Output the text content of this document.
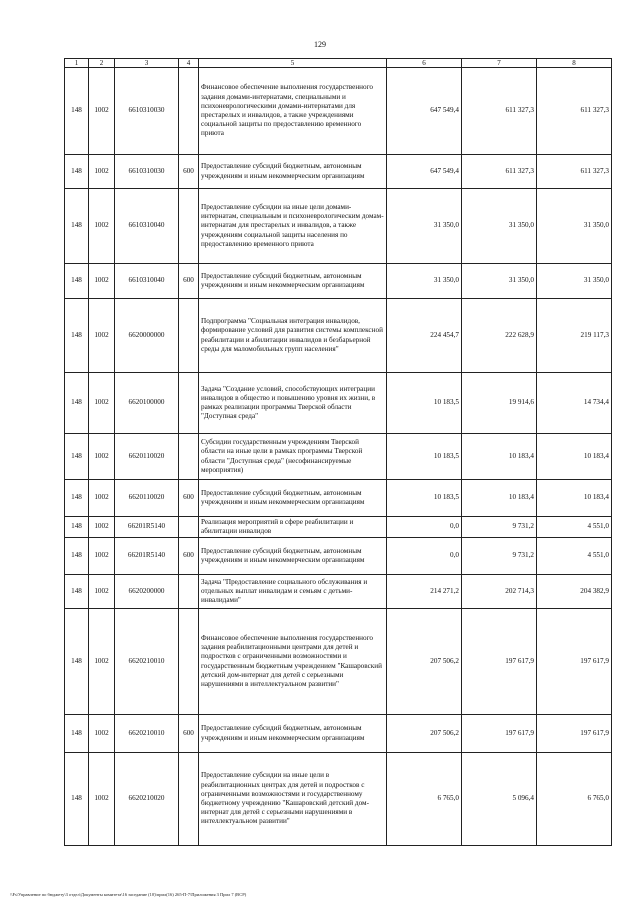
129
1	2	3	4	5	6	7	8
148	1002	6610310030		Финансовое обеспечение выполнения государственного задания домами-интернатами, специальными и психоневрологическими домами-интернатами для престарелых и инвалидов, а также учреждениями социальной защиты по предоставлению временного приюта	647 549,4	611 327,3	611 327,3
148	1002	6610310030	600	Предоставление субсидий бюджетным, автономным учреждениям и иным некоммерческим организациям	647 549,4	611 327,3	611 327,3
148	1002	6610310040		Предоставление субсидии на иные цели домами-интернатам, специальным и психоневрологическим домам-интернатам для престарелых и инвалидов, а также учреждениям социальной защиты населения по предоставлению временного приюта	31 350,0	31 350,0	31 350,0
148	1002	6610310040	600	Предоставление субсидий бюджетным, автономным учреждениям и иным некоммерческим организациям	31 350,0	31 350,0	31 350,0
148	1002	6620000000		Подпрограмма "Социальная интеграция инвалидов, формирование условий для развития системы комплексной реабилитации и абилитации инвалидов и безбарьерной среды для маломобильных групп населения"	224 454,7	222 628,9	219 117,3
148	1002	6620100000		Задача "Создание условий, способствующих интеграции инвалидов в общество и повышению уровня их жизни, в рамках реализации программы Тверской области "Доступная среда"	10 183,5	19 914,6	14 734,4
148	1002	6620110020		Субсидии государственным учреждениям Тверской области на иные цели в рамках программы Тверской области "Доступная среда" (несофинансируемые мероприятия)	10 183,5	10 183,4	10 183,4
148	1002	6620110020	600	Предоставление субсидий бюджетным, автономным учреждениям и иным некоммерческим организациям	10 183,5	10 183,4	10 183,4
148	1002	66201R5140		Реализация мероприятий в сфере реабилитации и абилитации инвалидов	0,0	9 731,2	4 551,0
148	1002	66201R5140	600	Предоставление субсидий бюджетным, автономным учреждениям и иным некоммерческим организациям	0,0	9 731,2	4 551,0
148	1002	6620200000		Задача "Предоставление социального обслуживания и отдельных выплат инвалидам и семьям с детьми-инвалидами"	214 271,2	202 714,3	204 382,9
148	1002	6620210010		Финансовое обеспечение выполнения государственного задания реабилитационными центрами для детей и подростков с ограниченными возможностями и государственным бюджетным учреждением "Кашаровский детский дом-интернат для детей с серьезными нарушениями в интеллектуальном развитии"	207 506,2	197 617,9	197 617,9
148	1002	6620210010	600	Предоставление субсидий бюджетным, автономным учреждениям и иным некоммерческим организациям	207 506,2	197 617,9	197 617,9
148	1002	6620210020		Предоставление субсидии на иные цели в реабилитационных центрах для детей и подростков с ограниченными возможностями и государственному бюджетному учреждению "Кашаровский детский дом-интернат для детей с серьезными нарушениями в интеллектуальном развитии"	6 765,0	5 096,4	6 765,0
\\Fs\Управление по бюджету\3 отдел\Документы комитета\16 заседание (10)\прил(16) 265-П-7\Приложения 3 Прил 7 (ВСР)
